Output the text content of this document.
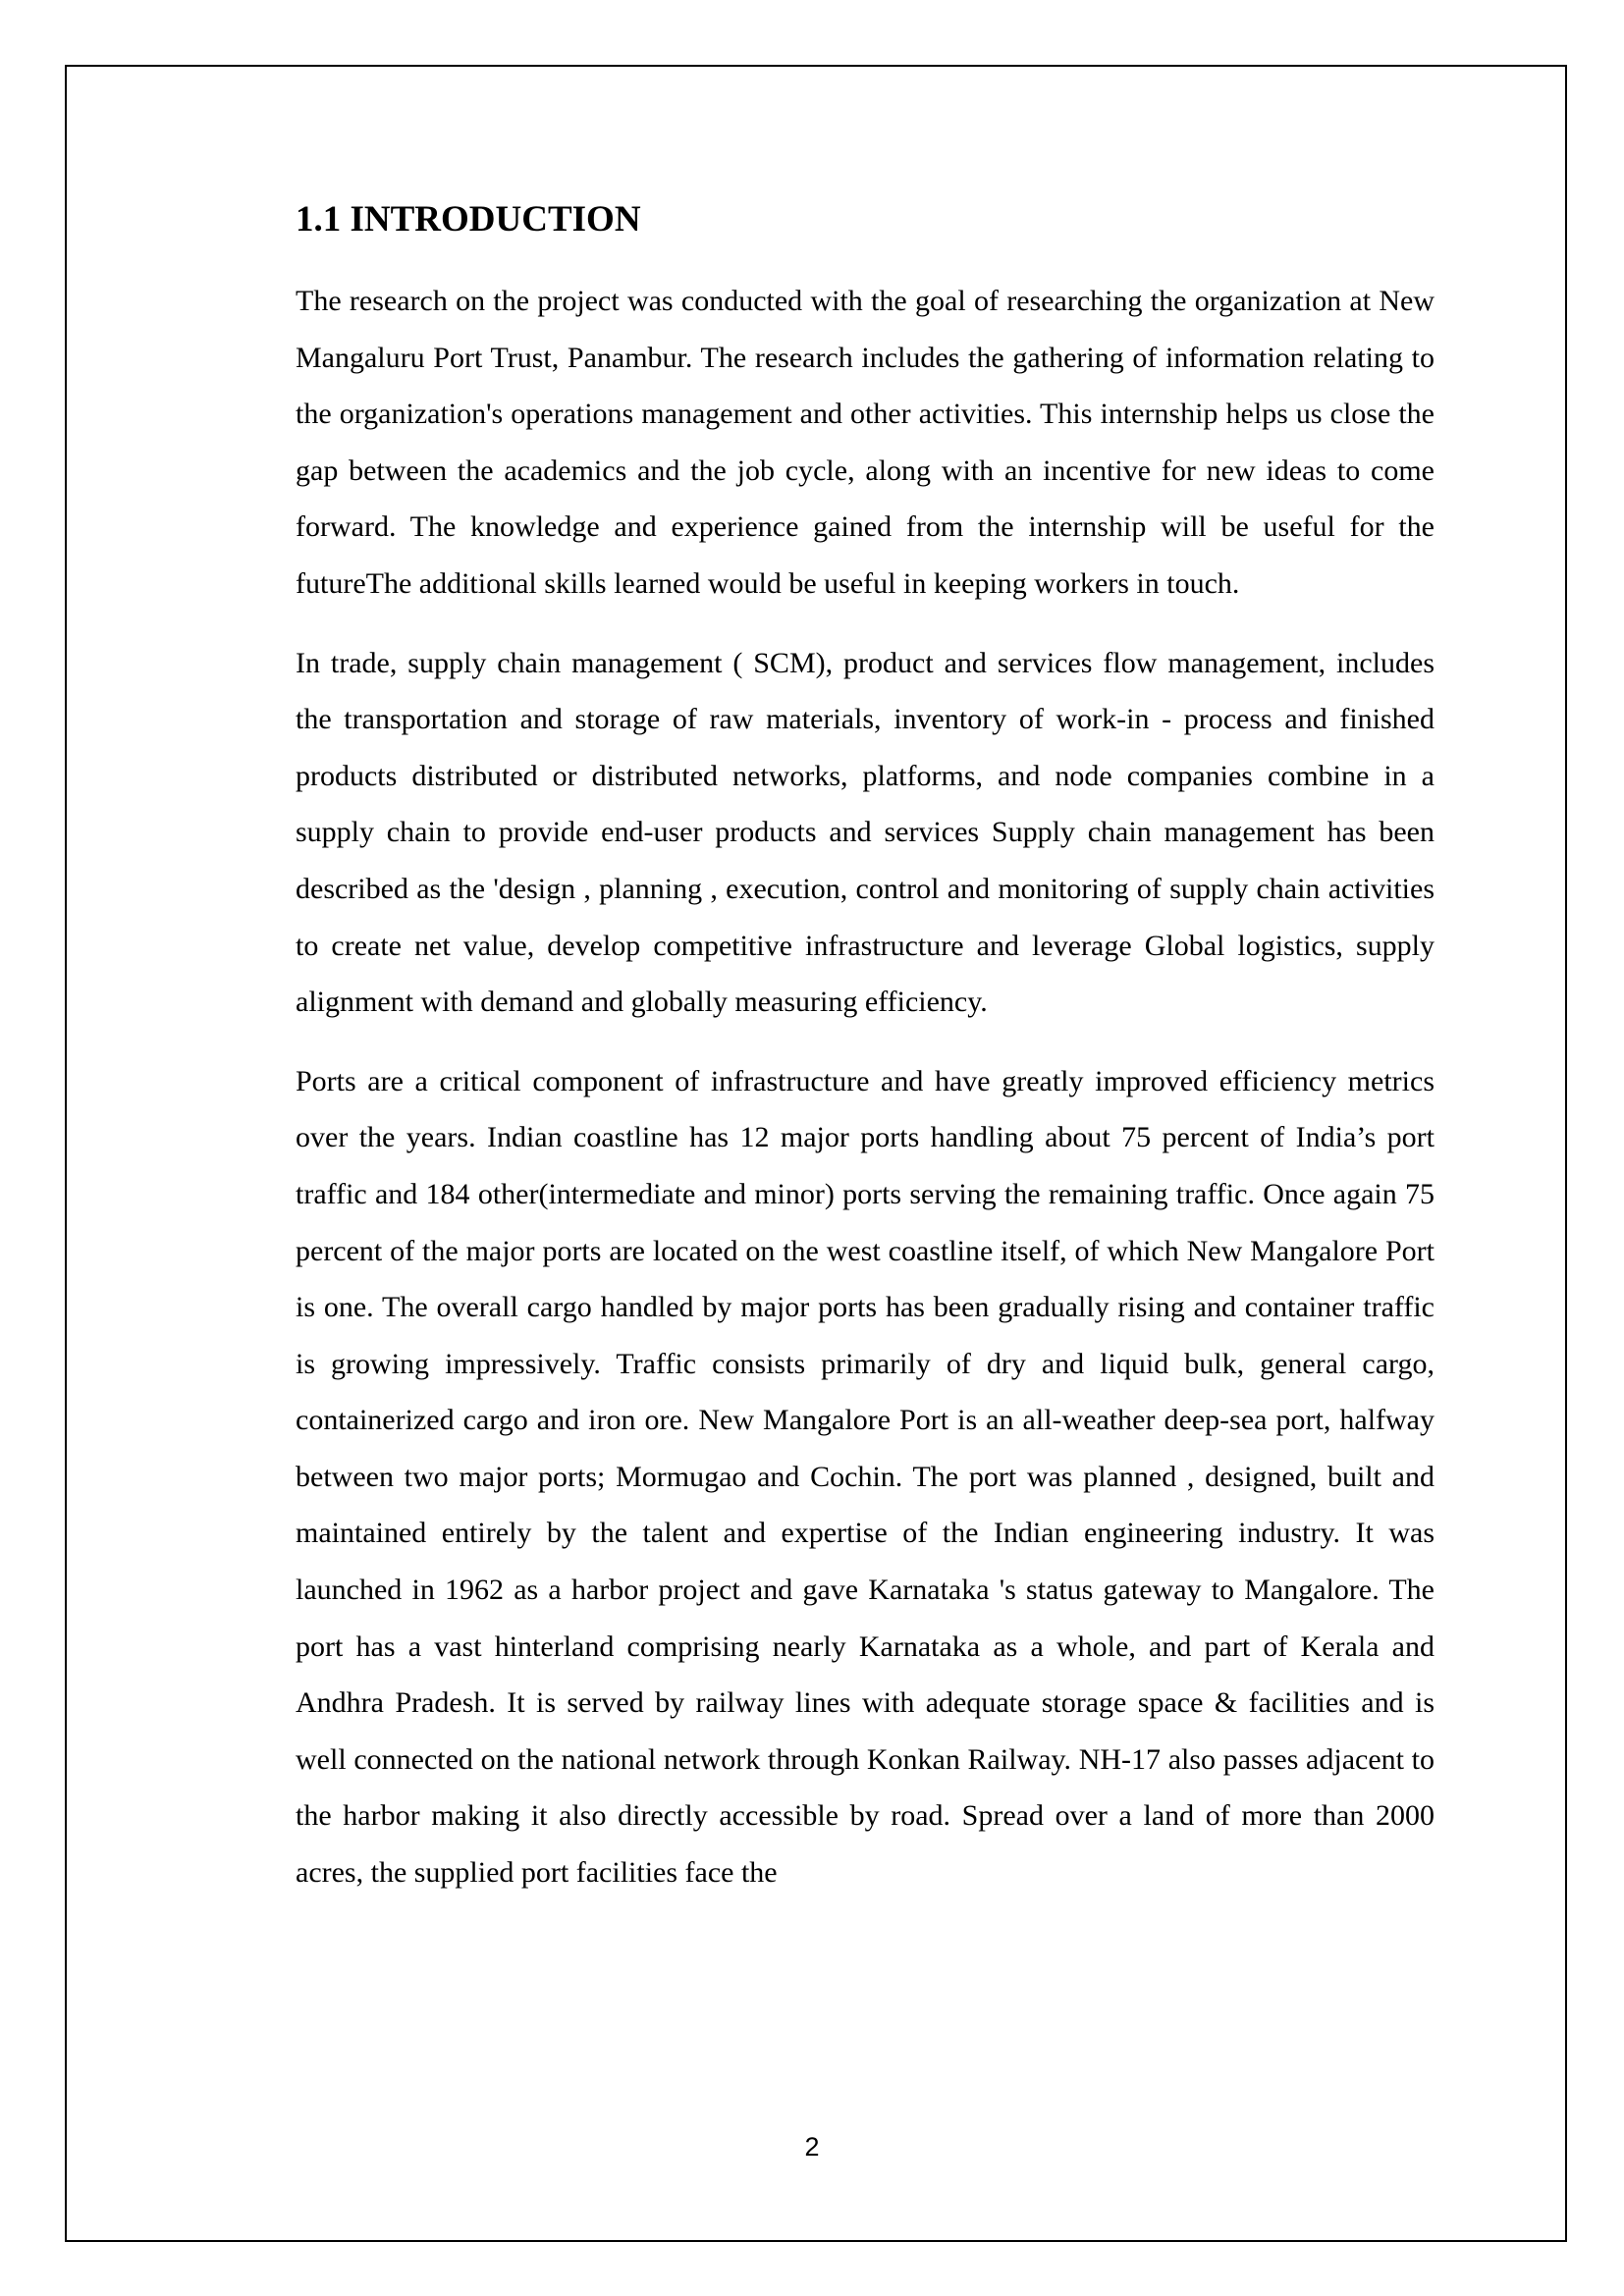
1.1 INTRODUCTION

The research on the project was conducted with the goal of researching the organization at New Mangaluru Port Trust, Panambur. The research includes the gathering of information relating to the organization's operations management and other activities. This internship helps us close the gap between the academics and the job cycle, along with an incentive for new ideas to come forward. The knowledge and experience gained from the internship will be useful for the futureThe additional skills learned would be useful in keeping workers in touch.

In trade, supply chain management ( SCM), product and services flow management, includes the transportation and storage of raw materials, inventory of work-in - process and finished products distributed or distributed networks, platforms, and node companies combine in a supply chain to provide end-user products and services Supply chain management has been described as the 'design , planning , execution, control and monitoring of supply chain activities to create net value, develop competitive infrastructure and leverage Global logistics, supply alignment with demand and globally measuring efficiency.

Ports are a critical component of infrastructure and have greatly improved efficiency metrics over the years. Indian coastline has 12 major ports handling about 75 percent of India’s port traffic and 184 other(intermediate and minor) ports serving the remaining traffic. Once again 75 percent of the major ports are located on the west coastline itself, of which New Mangalore Port is one. The overall cargo handled by major ports has been gradually rising and container traffic is growing impressively. Traffic consists primarily of dry and liquid bulk, general cargo, containerized cargo and iron ore. New Mangalore Port is an all-weather deep-sea port, halfway between two major ports; Mormugao and Cochin. The port was planned , designed, built and maintained entirely by the talent and expertise of the Indian engineering industry. It was launched in 1962 as a harbor project and gave Karnataka 's status gateway to Mangalore. The port has a vast hinterland comprising nearly Karnataka as a whole, and part of Kerala and Andhra Pradesh. It is served by railway lines with adequate storage space & facilities and is well connected on the national network through Konkan Railway. NH-17 also passes adjacent to the harbor making it also directly accessible by road. Spread over a land of more than 2000 acres, the supplied port facilities face the

2
